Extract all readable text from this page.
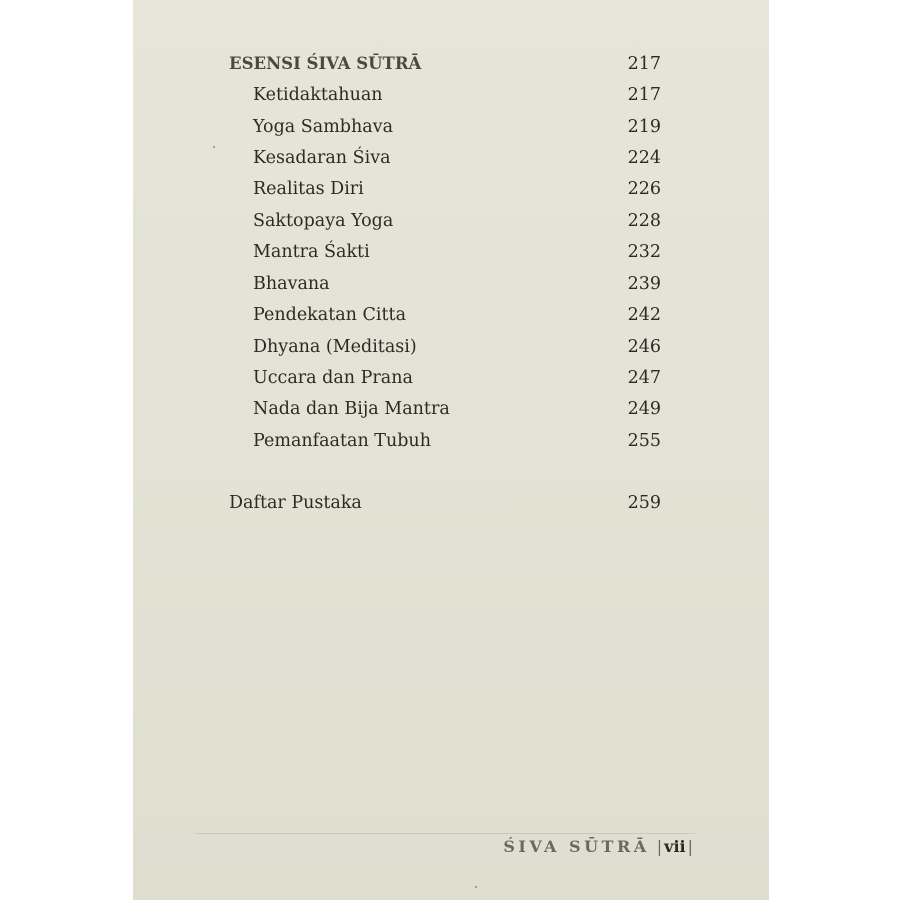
ESENSI ŚIVA SŪTRĀ	217
Ketidaktahuan	217
Yoga Sambhava	219
Kesadaran Śiva	224
Realitas Diri	226
Saktopaya Yoga	228
Mantra Śakti	232
Bhavana	239
Pendekatan Citta	242
Dhyana (Meditasi)	246
Uccara dan Prana	247
Nada dan Bija Mantra	249
Pemanfaatan Tubuh	255
Daftar Pustaka	259
ŚIVA SŪTRĀ | vii |
